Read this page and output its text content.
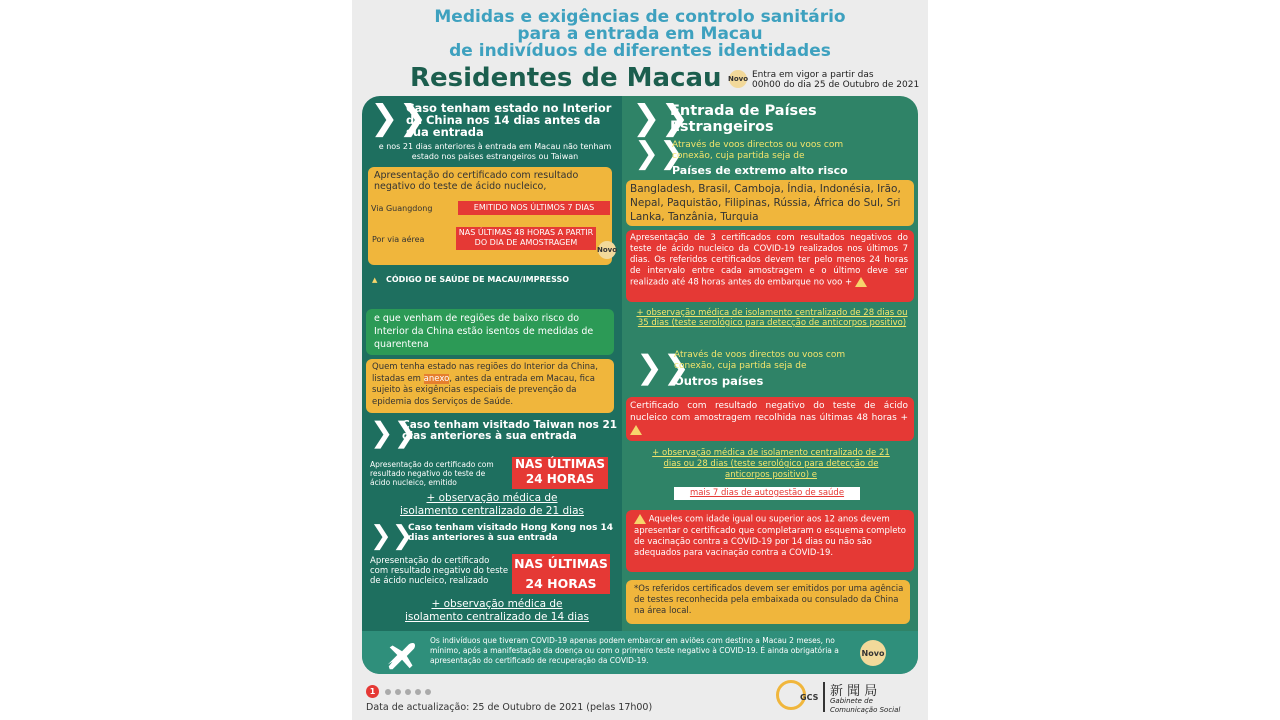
Medidas e exigências de controlo sanitário
para a entrada em Macau
de indivíduos de diferentes identidades
Residentes de Macau Novo Entra em vigor a partir das
00h00 do dia 25 de Outubro de 2021
❯❯
Caso tenham estado no Interior da China nos 14 dias antes da sua entrada
e nos 21 dias anteriores à entrada em Macau não tenham estado nos países estrangeiros ou Taiwan
Apresentação do certificado com resultado negativo do teste de ácido nucleico,
Via Guangdong	EMITIDO NOS ÚLTIMOS 7 DIAS
Por via aérea
NAS ÚLTIMAS 48 HORAS A PARTIR DO DIA DE AMOSTRAGEM
Novo
▲ CÓDIGO DE SAÚDE DE MACAU/IMPRESSO
e que venham de regiões de baixo risco do Interior da China estão isentos de medidas de quarentena
Quem tenha estado nas regiões do Interior da China, listadas em anexo, antes da entrada em Macau, fica sujeito às exigências especiais de prevenção da epidemia dos Serviços de Saúde.
❯❯
Caso tenham visitado Taiwan nos 21 dias anteriores à sua entrada
Apresentação do certificado com resultado negativo do teste de ácido nucleico, emitido
NAS ÚLTIMAS
24 HORAS
+ observação médica de
isolamento centralizado de 21 dias
❯❯
Caso tenham visitado Hong Kong nos 14 dias anteriores à sua entrada
Apresentação do certificado com resultado negativo do teste de ácido nucleico, realizado
NAS ÚLTIMAS
24 HORAS
+ observação médica de
isolamento centralizado de 14 dias
❯❯
Entrada de Países Estrangeiros
❯❯
Através de voos directos ou voos com conexão, cuja partida seja de
Países de extremo alto risco
Bangladesh, Brasil, Camboja, Índia, Indonésia, Irão, Nepal, Paquistão, Filipinas, Rússia, África do Sul, Sri Lanka, Tanzânia, Turquia
Apresentação de 3 certificados com resultados negativos do teste de ácido nucleico da COVID-19 realizados nos últimos 7 dias. Os referidos certificados devem ter pelo menos 24 horas de intervalo entre cada amostragem e o último deve ser realizado até 48 horas antes do embarque no voo +
+ observação médica de isolamento centralizado de 28 dias ou 35 dias (teste serológico para detecção de anticorpos positivo)
❯❯
Através de voos directos ou voos com conexão, cuja partida seja de
Outros países
Certificado com resultado negativo do teste de ácido nucleico com amostragem recolhida nas últimas 48 horas +
+ observação médica de isolamento centralizado de 21 dias ou 28 dias (teste serológico para detecção de anticorpos positivo) e
mais 7 dias de autogestão de saúde
Aqueles com idade igual ou superior aos 12 anos devem apresentar o certificado que completaram o esquema completo de vacinação contra a COVID-19 por 14 dias ou não são adequados para vacinação contra a COVID-19.
*Os referidos certificados devem ser emitidos por uma agência de testes reconhecida pela embaixada ou consulado da China na área local.
Os indivíduos que tiveram COVID-19 apenas podem embarcar em aviões com destino a Macau 2 meses, no mínimo, após a manifestação da doença ou com o primeiro teste negativo à COVID-19. É ainda obrigatória a apresentação do certificado de recuperação da COVID-19.
Novo
1
Data de actualização: 25 de Outubro de 2021 (pelas 17h00)
GCS 新 聞 局
Gabinete de
Comunicação Social
